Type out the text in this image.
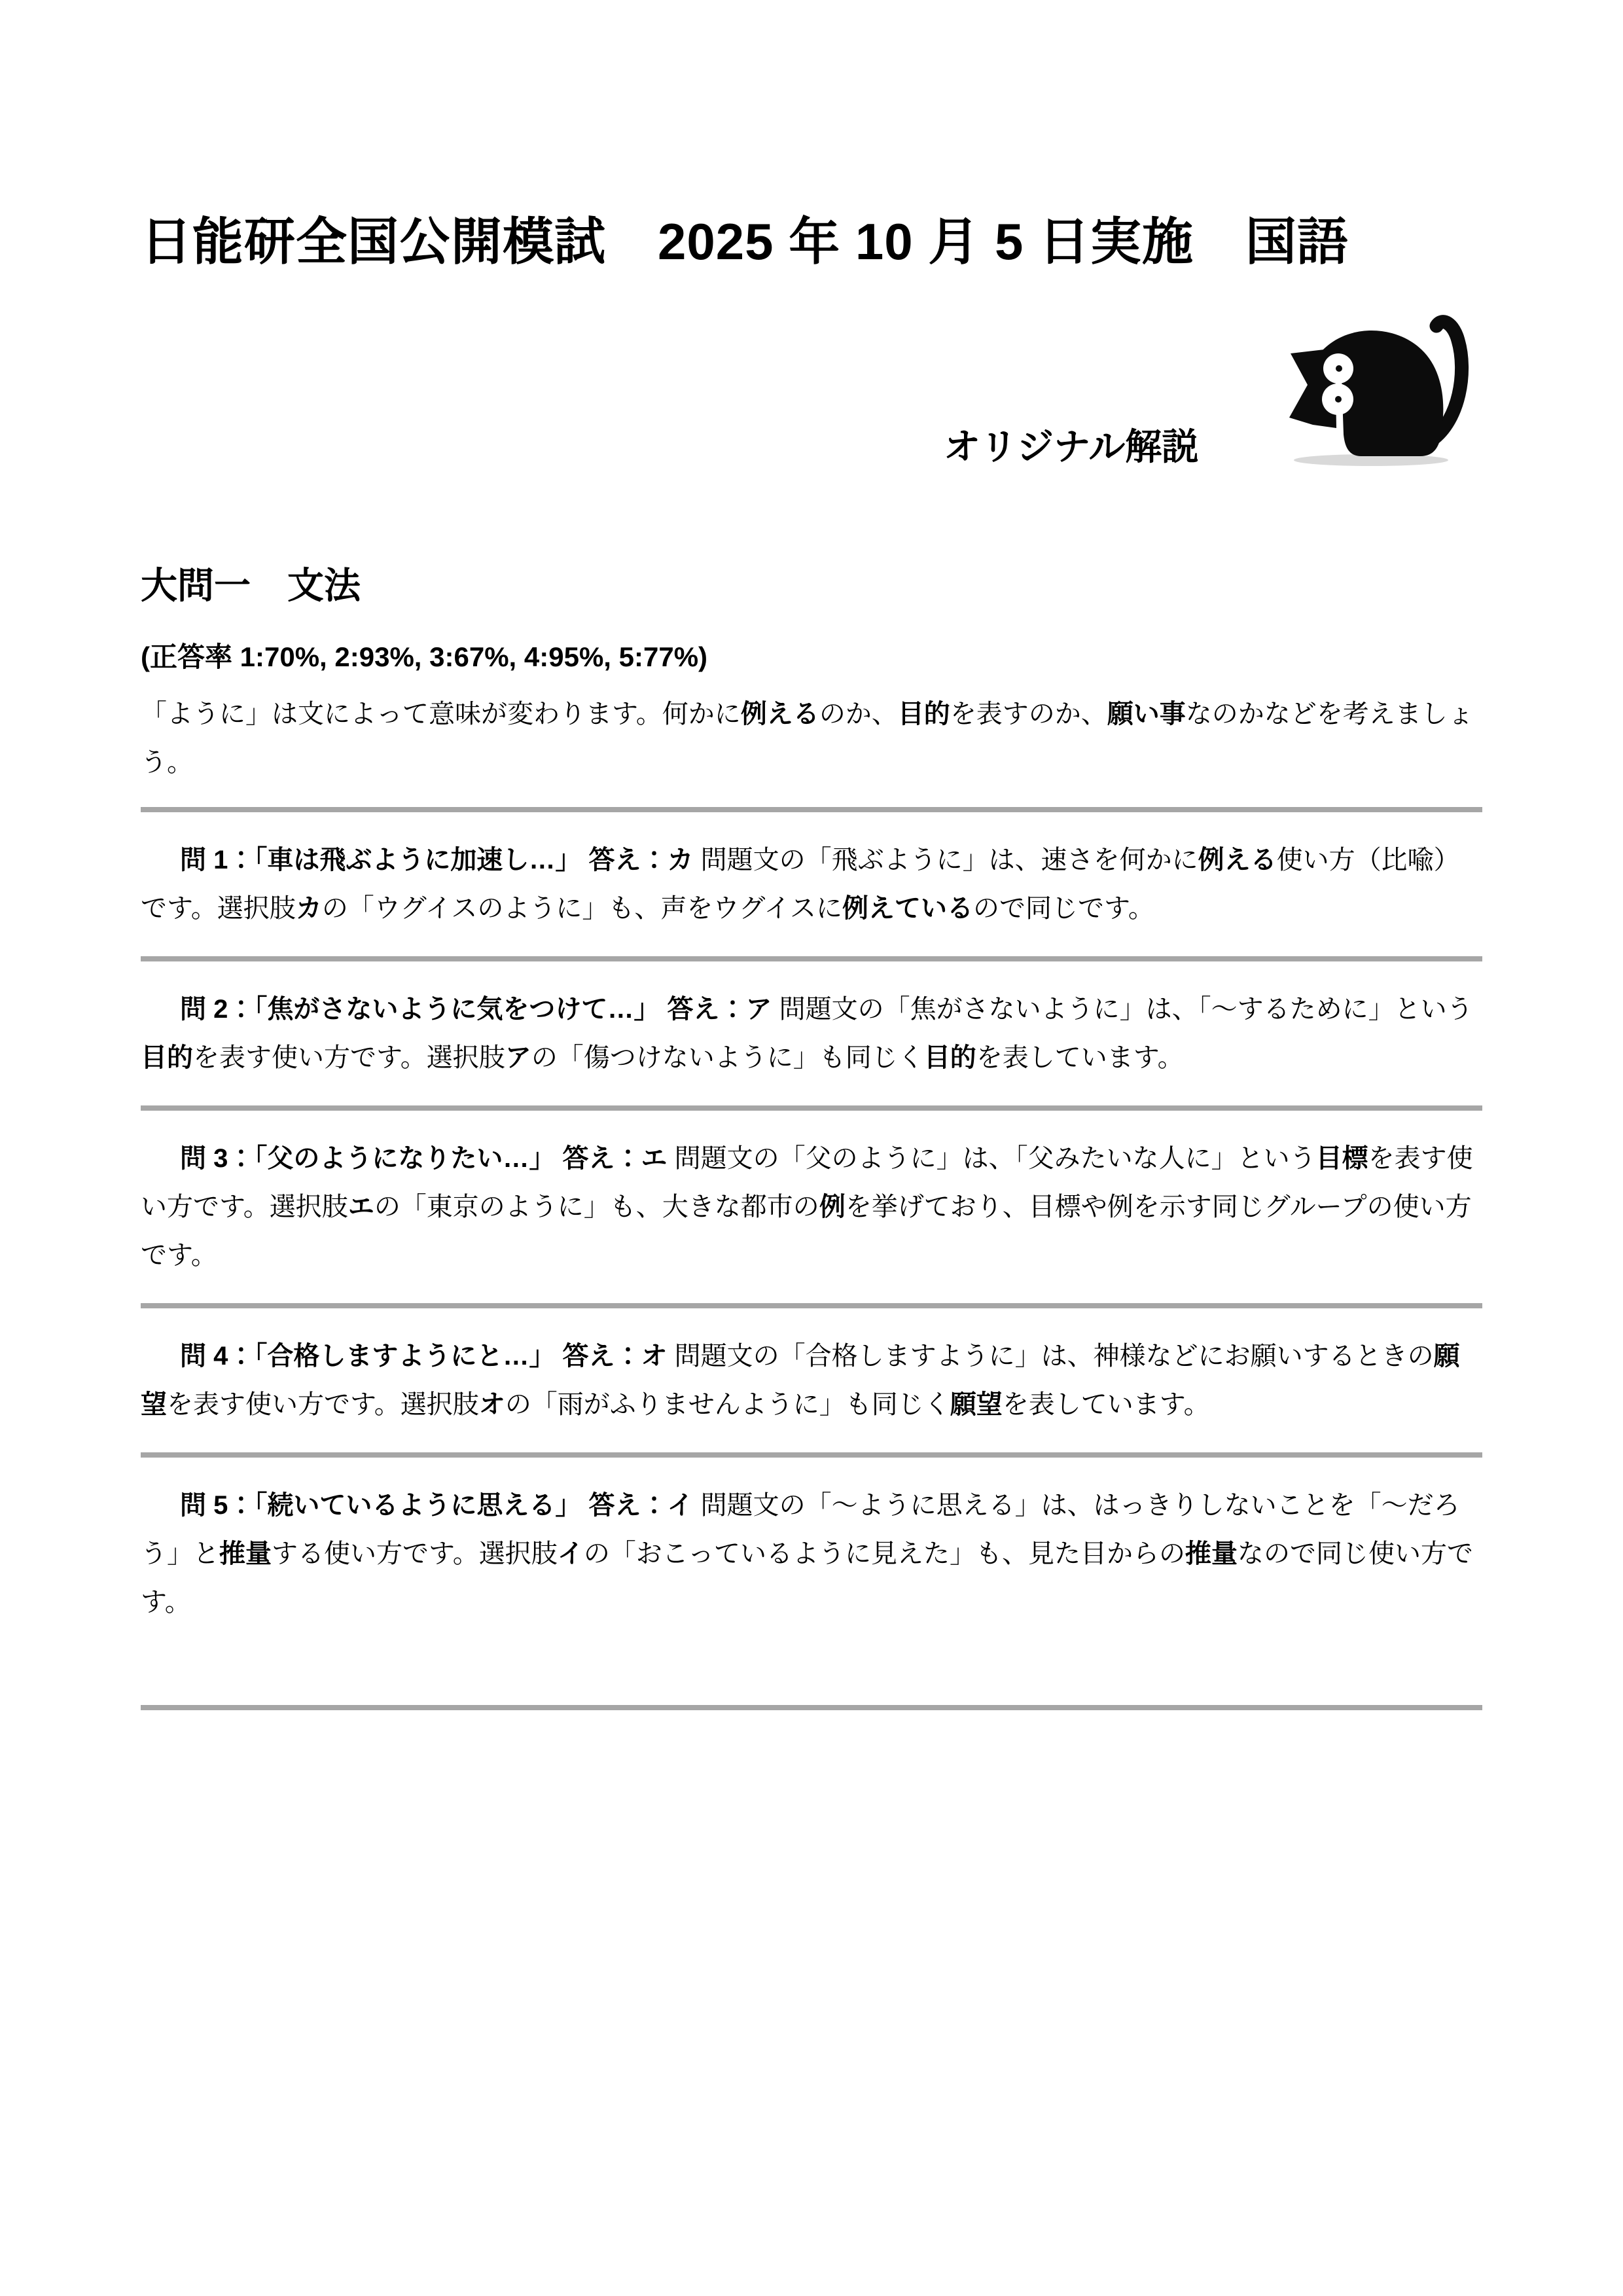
オリジナル解説
日能研全国公開模試　2025 年 10 月 5 日実施　国語
大問一　文法

(正答率 1:70%, 2:93%, 3:67%, 4:95%, 5:77%)

「ように」は文によって意味が変わります。何かに例えるのか、目的を表すのか、願い事なのかなどを考えましょう。

問 1：「車は飛ぶように加速し…」 答え：カ 問題文の「飛ぶように」は、速さを何かに例える使い方（比喩）です。選択肢カの「ウグイスのように」も、声をウグイスに例えているので同じです。

問 2：「焦がさないように気をつけて…」 答え：ア 問題文の「焦がさないように」は、「～するために」という目的を表す使い方です。選択肢アの「傷つけないように」も同じく目的を表しています。

問 3：「父のようになりたい…」 答え：エ 問題文の「父のように」は、「父みたいな人に」という目標を表す使い方です。選択肢エの「東京のように」も、大きな都市の例を挙げており、目標や例を示す同じグループの使い方です。

問 4：「合格しますようにと…」 答え：オ 問題文の「合格しますように」は、神様などにお願いするときの願望を表す使い方です。選択肢オの「雨がふりませんように」も同じく願望を表しています。

問 5：「続いているように思える」 答え：イ 問題文の「～ように思える」は、はっきりしないことを「～だろう」と推量する使い方です。選択肢イの「おこっているように見えた」も、見た目からの推量なので同じ使い方です。
